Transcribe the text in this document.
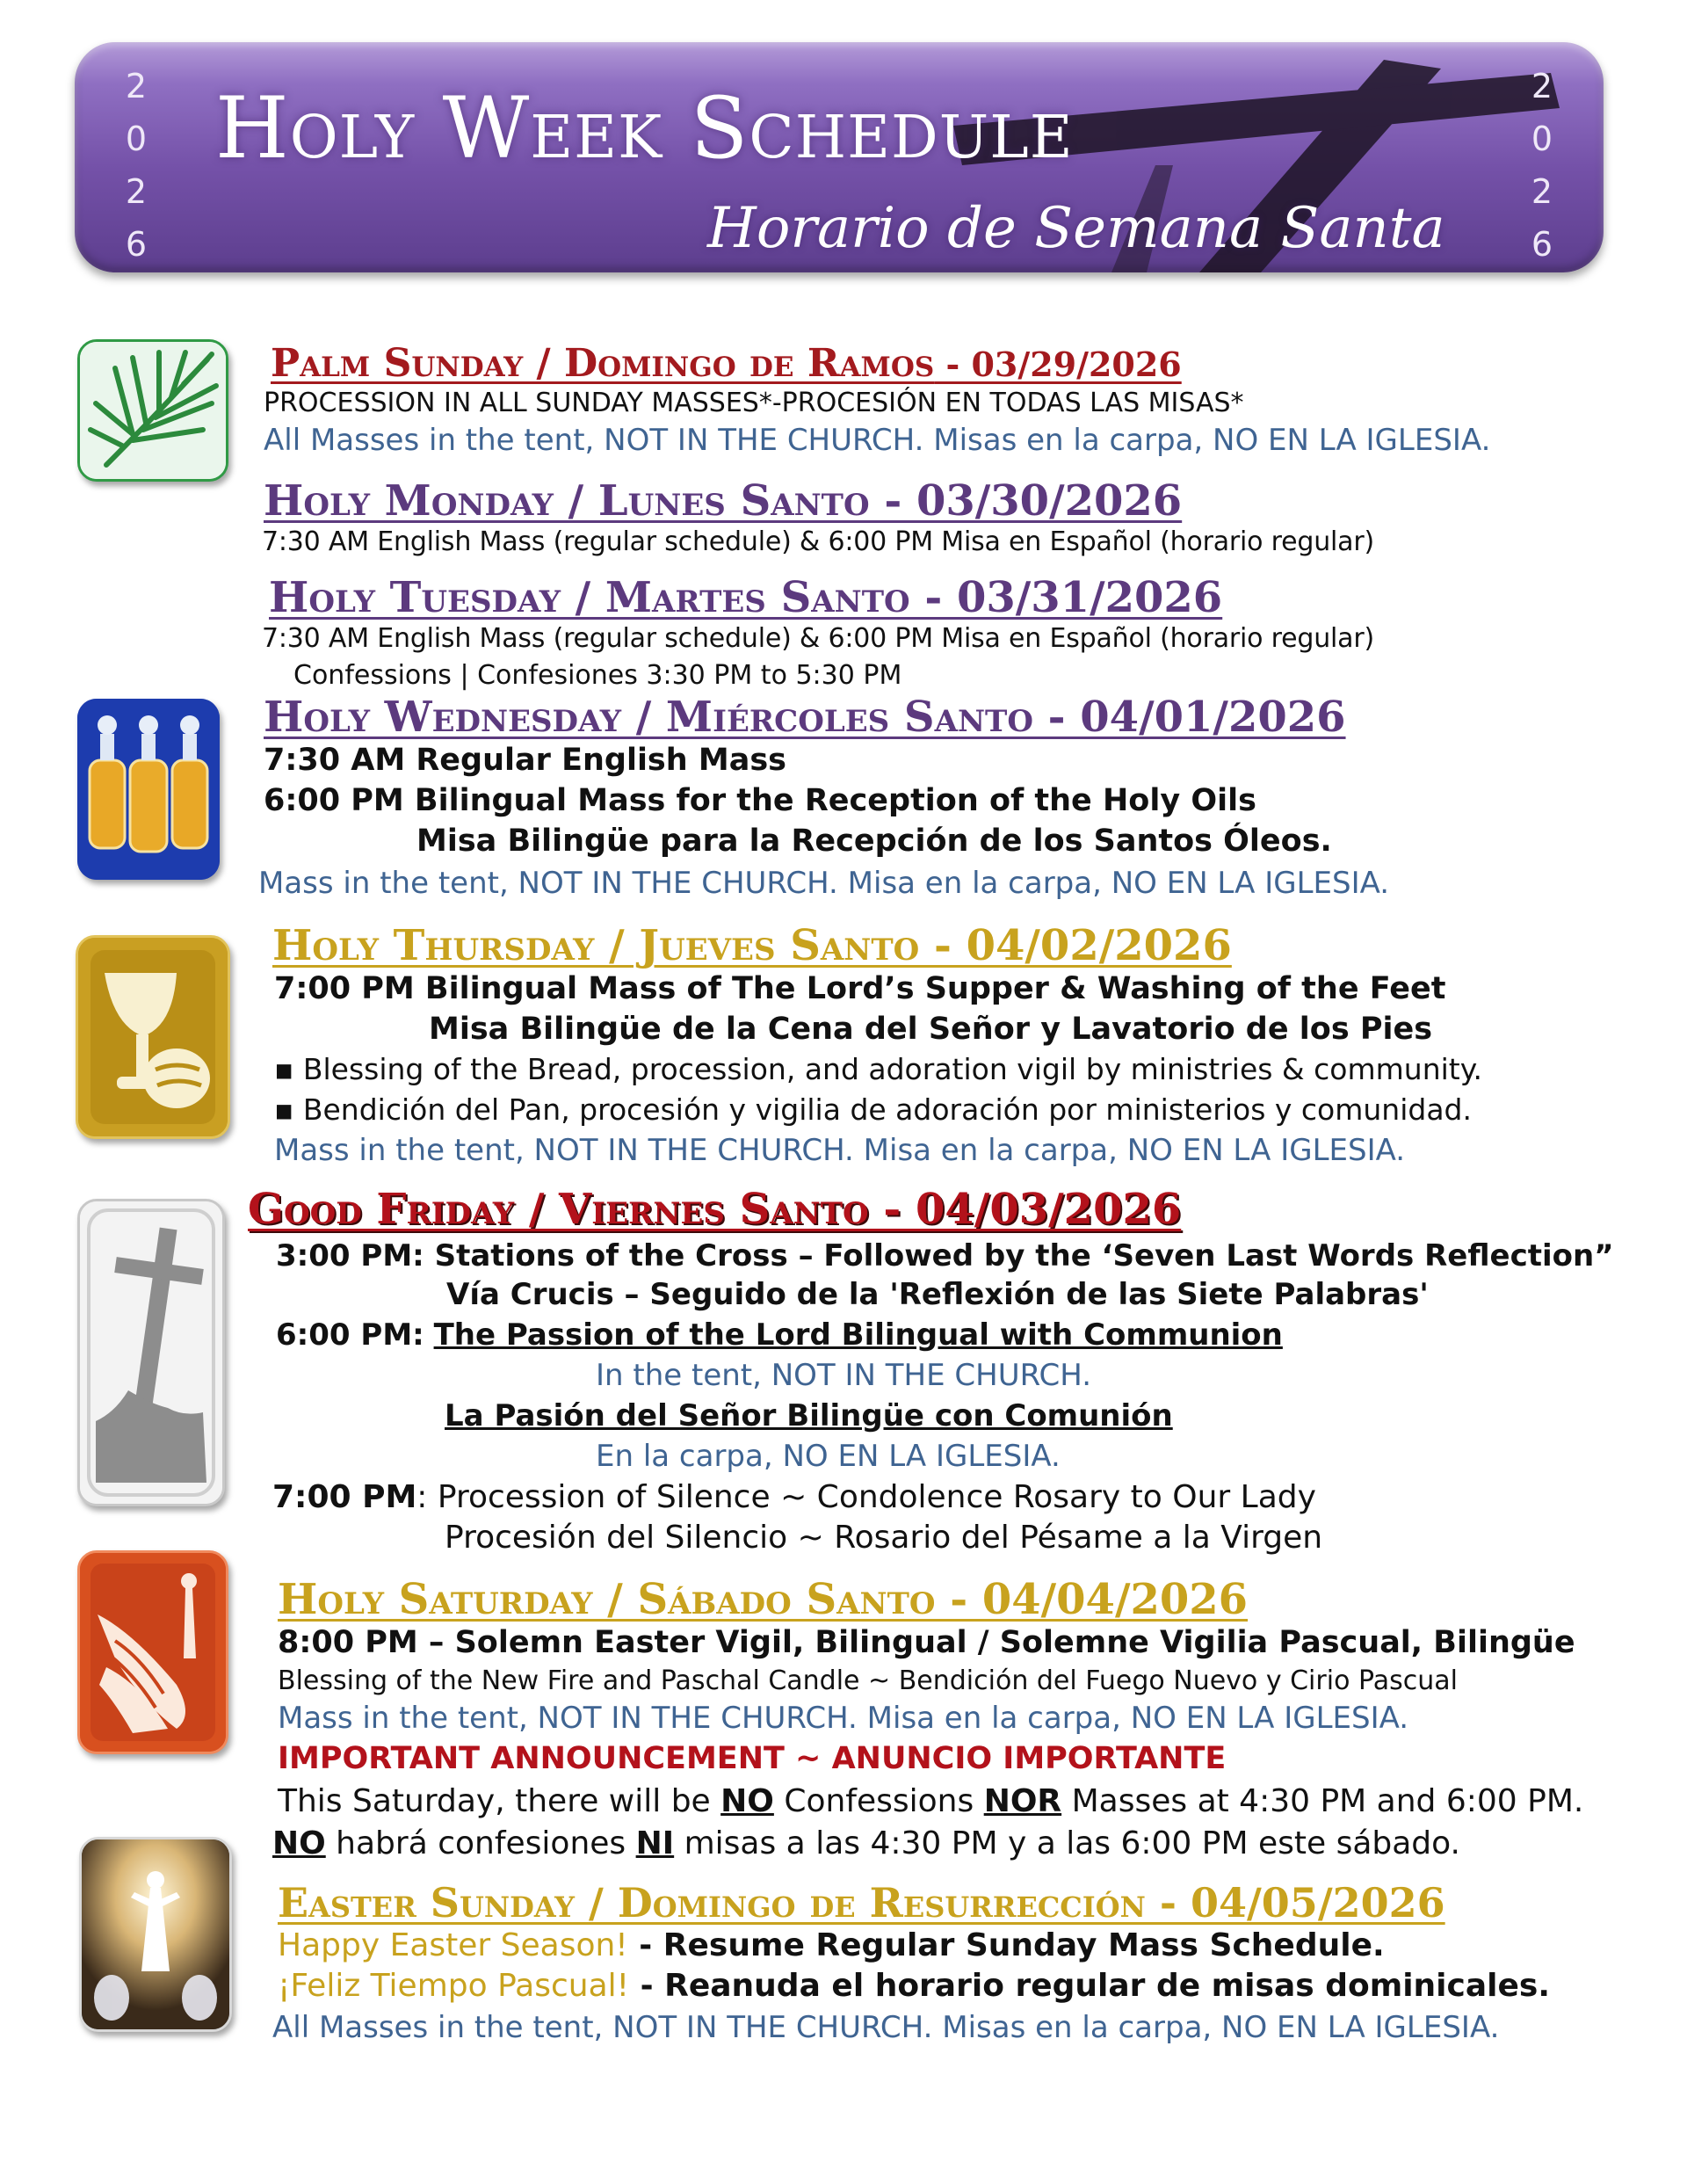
2
0
2
6
2
0
2
6
Holy Week Schedule
Horario de Semana Santa
Palm Sunday / Domingo de Ramos - 03/29/2026
PROCESSION IN ALL SUNDAY MASSES*-PROCESIÓN EN TODAS LAS MISAS*
All Masses in the tent, NOT IN THE CHURCH. Misas en la carpa, NO EN LA IGLESIA.
Holy Monday / Lunes Santo - 03/30/2026
7:30 AM English Mass (regular schedule) & 6:00 PM Misa en Español (horario regular)
Holy Tuesday / Martes Santo - 03/31/2026
7:30 AM English Mass (regular schedule) & 6:00 PM Misa en Español (horario regular)
Confessions | Confesiones 3:30 PM to 5:30 PM
Holy Wednesday / Miércoles Santo - 04/01/2026
7:30 AM Regular English Mass
6:00 PM Bilingual Mass for the Reception of the Holy Oils
Misa Bilingüe para la Recepción de los Santos Óleos.
Mass in the tent, NOT IN THE CHURCH. Misa en la carpa, NO EN LA IGLESIA.
Holy Thursday / Jueves Santo - 04/02/2026
7:00 PM Bilingual Mass of The Lord’s Supper & Washing of the Feet
Misa Bilingüe de la Cena del Señor y Lavatorio de los Pies
▪ Blessing of the Bread, procession, and adoration vigil by ministries & community.
▪ Bendición del Pan, procesión y vigilia de adoración por ministerios y comunidad.
Mass in the tent, NOT IN THE CHURCH. Misa en la carpa, NO EN LA IGLESIA.
Good Friday / Viernes Santo - 04/03/2026
3:00 PM: Stations of the Cross – Followed by the ‘Seven Last Words Reflection”
Vía Crucis – Seguido de la 'Reflexión de las Siete Palabras'
6:00 PM: The Passion of the Lord Bilingual with Communion
In the tent, NOT IN THE CHURCH.
La Pasión del Señor Bilingüe con Comunión
En la carpa, NO EN LA IGLESIA.
7:00 PM: Procession of Silence ~ Condolence Rosary to Our Lady
Procesión del Silencio ~ Rosario del Pésame a la Virgen
Holy Saturday / Sábado Santo - 04/04/2026
8:00 PM – Solemn Easter Vigil, Bilingual / Solemne Vigilia Pascual, Bilingüe
Blessing of the New Fire and Paschal Candle ~ Bendición del Fuego Nuevo y Cirio Pascual
Mass in the tent, NOT IN THE CHURCH. Misa en la carpa, NO EN LA IGLESIA.
IMPORTANT ANNOUNCEMENT ~ ANUNCIO IMPORTANTE
This Saturday, there will be NO Confessions NOR Masses at 4:30 PM and 6:00 PM.
NO habrá confesiones NI misas a las 4:30 PM y a las 6:00 PM este sábado.
Easter Sunday / Domingo de Resurrección - 04/05/2026
Happy Easter Season! - Resume Regular Sunday Mass Schedule.
¡Feliz Tiempo Pascual! - Reanuda el horario regular de misas dominicales.
All Masses in the tent, NOT IN THE CHURCH. Misas en la carpa, NO EN LA IGLESIA.
